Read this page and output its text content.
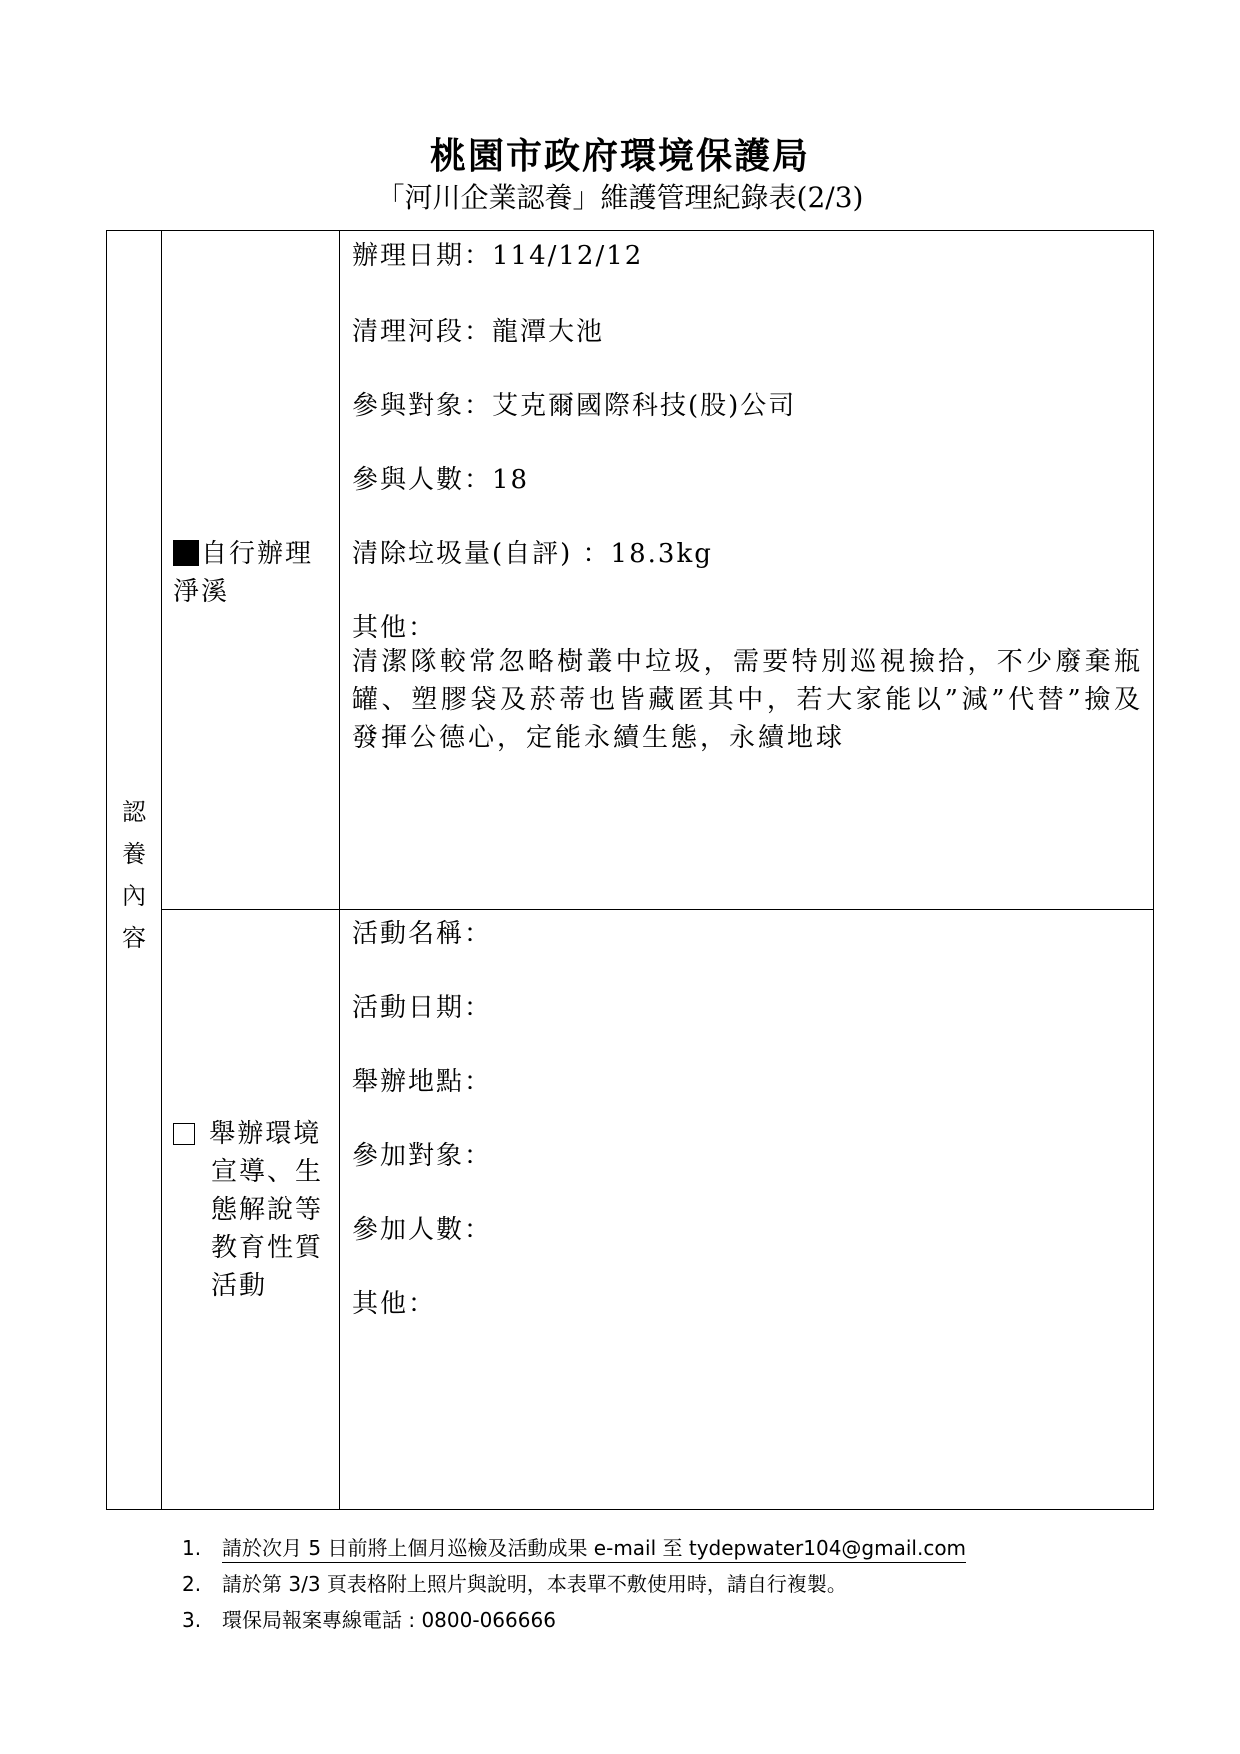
桃園市政府環境保護局
「河川企業認養」維護管理紀錄表(2/3)
認
養
內
容
自行辦理
淨溪
辦理日期：114/12/12
清理河段：龍潭大池
參與對象：艾克爾國際科技(股)公司
參與人數：18
清除垃圾量(自評) ：18.3kg
其他：
清潔隊較常忽略樹叢中垃圾，需要特別巡視撿拾，不少廢棄瓶罐、塑膠袋及菸蒂也皆藏匿其中，若大家能以”減”代替”撿及發揮公德心，定能永續生態，永續地球
舉辦環境
宣導、生
態解說等
教育性質
活動
活動名稱：
活動日期：
舉辦地點：
參加對象：
參加人數：
其他：
1. 請於次月 5 日前將上個月巡檢及活動成果 e-mail 至 tydepwater104@gmail.com
2. 請於第 3/3 頁表格附上照片與說明，本表單不敷使用時，請自行複製。
3. 環保局報案專線電話 : 0800-066666
